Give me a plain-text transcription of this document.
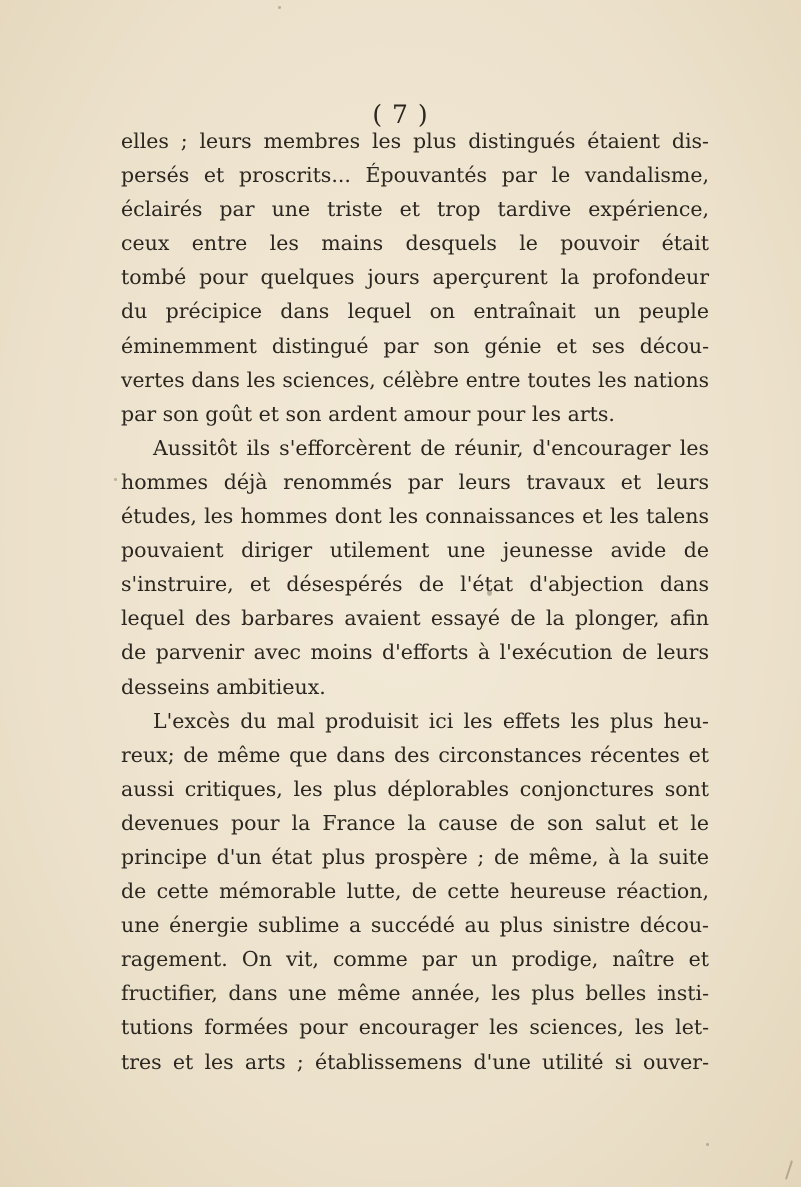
( 7 )
elles ; leurs membres les plus distingués étaient dis-
persés et proscrits... Épouvantés par le vandalisme,
éclairés par une triste et trop tardive expérience,
ceux entre les mains desquels le pouvoir était
tombé pour quelques jours aperçurent la profondeur
du précipice dans lequel on entraînait un peuple
éminemment distingué par son génie et ses décou-
vertes dans les sciences, célèbre entre toutes les nations
par son goût et son ardent amour pour les arts.
Aussitôt ils s'efforcèrent de réunir, d'encourager les
hommes déjà renommés par leurs travaux et leurs
études, les hommes dont les connaissances et les talens
pouvaient diriger utilement une jeunesse avide de
s'instruire, et désespérés de l'état d'abjection dans
lequel des barbares avaient essayé de la plonger, afin
de parvenir avec moins d'efforts à l'exécution de leurs
desseins ambitieux.
L'excès du mal produisit ici les effets les plus heu-
reux; de même que dans des circonstances récentes et
aussi critiques, les plus déplorables conjonctures sont
devenues pour la France la cause de son salut et le
principe d'un état plus prospère ; de même, à la suite
de cette mémorable lutte, de cette heureuse réaction,
une énergie sublime a succédé au plus sinistre décou-
ragement. On vit, comme par un prodige, naître et
fructifier, dans une même année, les plus belles insti-
tutions formées pour encourager les sciences, les let-
tres et les arts ; établissemens d'une utilité si ouver-
